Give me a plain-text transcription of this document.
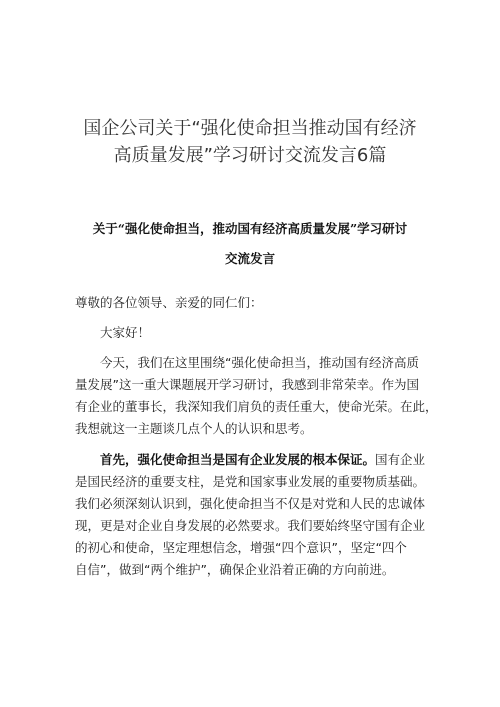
国企公司关于“强化使命担当推动国有经济
高质量发展”学习研讨交流发言6篇
关于“强化使命担当，推动国有经济高质量发展”学习研讨
交流发言
尊敬的各位领导、亲爱的同仁们：
大家好！
今天，我们在这里围绕“强化使命担当，推动国有经济高质
量发展”这一重大课题展开学习研讨，我感到非常荣幸。作为国
有企业的董事长，我深知我们肩负的责任重大，使命光荣。在此，
我想就这一主题谈几点个人的认识和思考。
首先，强化使命担当是国有企业发展的根本保证。国有企业
是国民经济的重要支柱，是党和国家事业发展的重要物质基础。
我们必须深刻认识到，强化使命担当不仅是对党和人民的忠诚体
现，更是对企业自身发展的必然要求。我们要始终坚守国有企业
的初心和使命，坚定理想信念，增强“四个意识”，坚定“四个
自信”，做到“两个维护”，确保企业沿着正确的方向前进。
